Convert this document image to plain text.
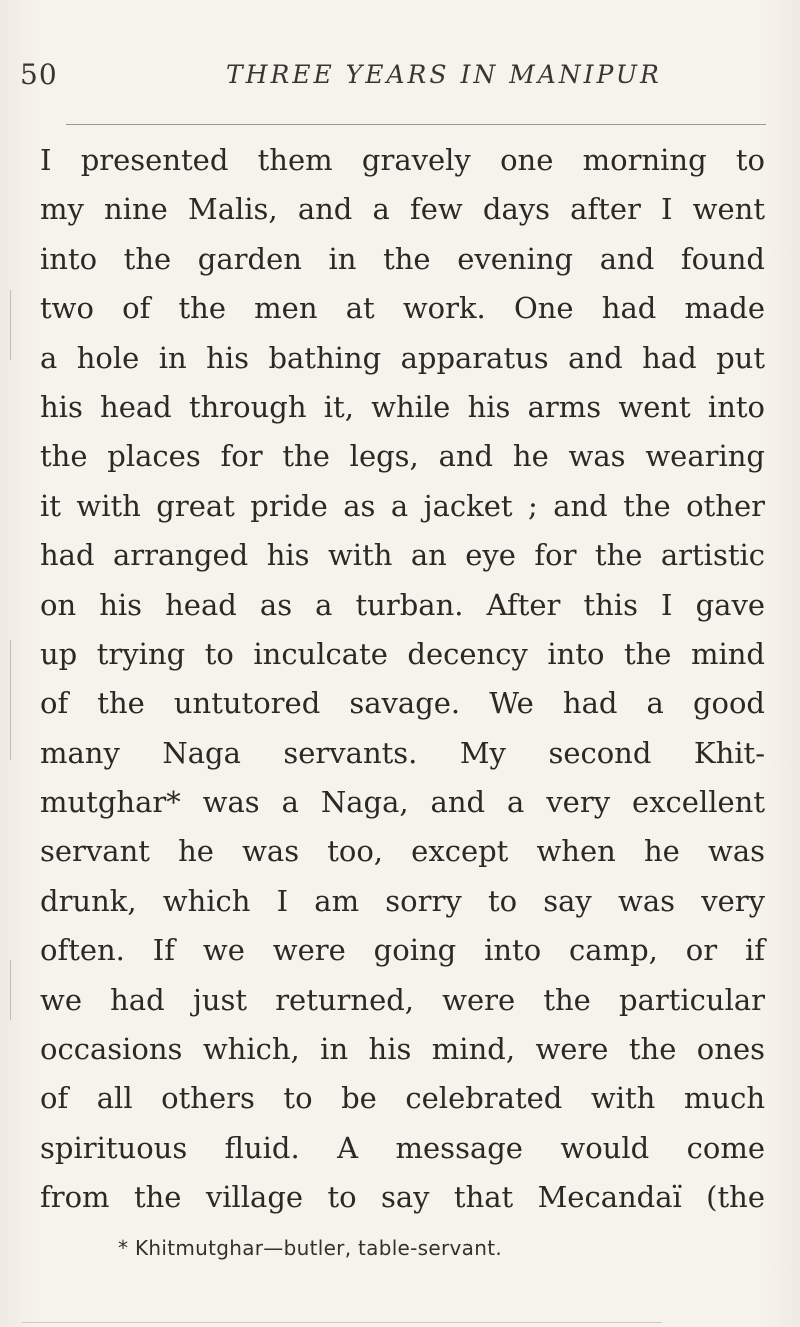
50	THREE YEARS IN MANIPUR
I presented them gravely one morning to
my nine Malis, and a few days after I went
into the garden in the evening and found
two of the men at work. One had made
a hole in his bathing apparatus and had put
his head through it, while his arms went into
the places for the legs, and he was wearing
it with great pride as a jacket ; and the other
had arranged his with an eye for the artistic
on his head as a turban. After this I gave
up trying to inculcate decency into the mind
of the untutored savage. We had a good
many Naga servants. My second Khit-
mutghar* was a Naga, and a very excellent
servant he was too, except when he was
drunk, which I am sorry to say was very
often. If we were going into camp, or if
we had just returned, were the particular
occasions which, in his mind, were the ones
of all others to be celebrated with much
spirituous fluid. A message would come
from the village to say that Mecandaï (the
* Khitmutghar—butler, table-servant.
